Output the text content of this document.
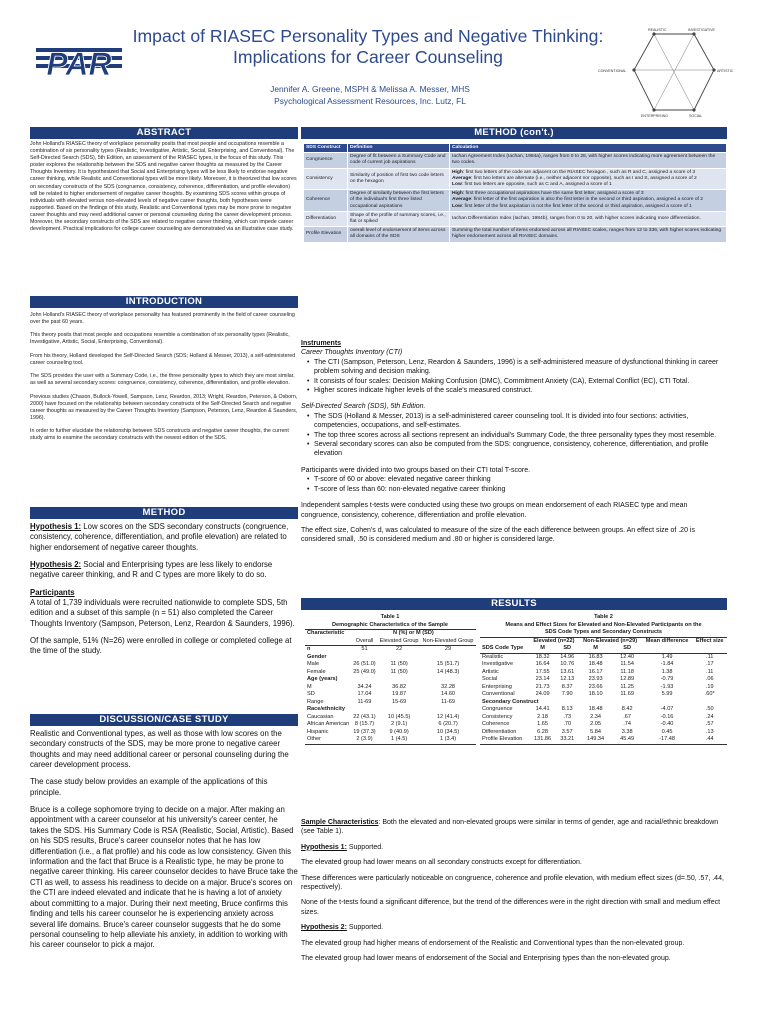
PAR
Impact of RIASEC Personality Types and Negative Thinking:
Implications for Career Counseling
Jennifer A. Greene, MSPH & Melissa A. Messer, MHS
Psychological Assessment Resources, Inc. Lutz, FL
REALISTIC	INVESTIGATIVE
ARTISTIC
SOCIAL
ENTERPRISING
CONVENTIONAL
ABSTRACT

John Holland's RIASEC theory of workplace personality posits that most people and occupations resemble a combination of six personality types (Realistic, Investigative, Artistic, Social, Enterprising, and Conventional). The Self-Directed Search (SDS), 5th Edition, an assessment of the RIASEC types, is the focus of this study. This poster explores the relationship between the SDS and negative career thoughts as measured by the Career Thoughts Inventory. It is hypothesized that Social and Enterprising types will be less likely to endorse negative career thinking, while Realistic and Conventional types will be more likely. Moreover, it is theorized that low scores on secondary constructs of the SDS (congruence, consistency, coherence, differentiation, and profile elevation) will be related to higher endorsement of negative career thoughts. By examining SDS scores within groups of individuals with elevated versus non-elevated levels of negative career thoughts, both hypotheses were supported. Based on the findings of this study, Realistic and Conventional types may be more prone to negative career thoughts and may need additional career or personal counseling during the career development process. Moreover, the secondary constructs of the SDS are related to negative career thinking, which can impede career development. Practical implications for college career counseling are demonstrated via an illustrative case study.

INTRODUCTION

John Holland's RIASEC theory of workplace personality has featured prominently in the field of career counseling over the past 60 years.

This theory posits that most people and occupations resemble a combination of six personality types (Realistic, Investigative, Artistic, Social, Enterprising, Conventional).

From his theory, Holland developed the Self-Directed Search (SDS; Holland & Messer, 2013), a self-administered career counseling tool.

The SDS provides the user with a Summary Code, i.e., the three personality types to which they are most similar, as well as several secondary scores: congruence, consistency, coherence, differentiation, and profile elevation.

Previous studies (Chason, Bullock-Yowell, Sampson, Lenz, Reardon, 2013; Wright, Reardon, Peterson, & Osborn, 2000) have focused on the relationship between secondary constructs of the Self-Directed Search and negative career thoughts as measured by the Career Thoughts Inventory (Sampson, Peterson, Lenz, Reardon & Saunders, 1996).

In order to further elucidate the relationship between SDS constructs and negative career thoughts, the current study aims to examine the secondary constructs with the newest edition of the SDS.

METHOD

Hypothesis 1: Low scores on the SDS secondary constructs (congruence, consistency, coherence, differentiation, and profile elevation) are related to higher endorsement of negative career thoughts.

Hypothesis 2: Social and Enterprising types are less likely to endorse negative career thinking, and R and C types are more likely to do so.

Participants

A total of 1,739 individuals were recruited nationwide to complete SDS, 5th edition and a subset of this sample (n = 51) also completed the Career Thoughts Inventory (Sampson, Peterson, Lenz, Reardon & Saunders, 1996).

Of the sample, 51% (N=26) were enrolled in college or completed college at the time of the study.

DISCUSSION/CASE STUDY

Realistic and Conventional types, as well as those with low scores on the secondary constructs of the SDS, may be more prone to negative career thoughts and may need additional career or personal counseling during the career development process.

The case study below provides an example of the applications of this principle.

Bruce is a college sophomore trying to decide on a major. After making an appointment with a career counselor at his university's career center, he takes the SDS. His Summary Code is RSA (Realistic, Social, Artistic). Based on his SDS results, Bruce's career counselor notes that he has low differentiation (i.e., a flat profile) and his code as low consistency. Given this information and the fact that Bruce is a Realistic type, he may be prone to negative career thinking. His career counselor decides to have Bruce take the CTI as well, to assess his readiness to decide on a major. Bruce's scores on the CTI are indeed elevated and indicate that he is having a lot of anxiety about committing to a major. During their next meeting, Bruce confirms this finding and tells his career counselor he is experiencing anxiety across several life domains. Bruce's career counselor suggests that he do some personal counseling to help alleviate his anxiety, in addition to working with his career counselor to pick a major.

METHOD (con't.)
SDS Construct	Definition	Calculation
Congruence	Degree of fit between a Summary Code and code of current job aspirations	Iachan Agreement Index (Iachan, 1984a), ranges from 0 to 28, with higher scores indicating more agreement between the two codes.
Consistency	Similarity of position of first two code letters on the hexagon	High: first two letters of the code are adjacent on the RIASEC hexagon , such as R and C, assigned a score of 3
Average: first two letters are alternate (i.e., neither adjacent nor opposite), such as I and S, assigned a score of 2
Low: first two letters are opposite, such as C and A, assigned a score of 1
Coherence	Degree of similarity between the first letters of the individual's first three listed occupational aspirations	High: first three occupational aspirations have the same first letter, assigned a score of 3
Average: first letter of the first aspiration is also the first letter in the second or third aspiration, assigned a score of 2
Low: first letter of the first aspiration is not the first letter of the second or third aspiration, assigned a score of 1
Differentiation	Shape of the profile of summary scores, i.e., flat or spiked	Iachan Differentiation Index (Iachan, 1984b), ranges from 0 to 20, with higher scores indicating more differentiation.
Profile Elevation	overall level of endorsement of items across all domains of the SDS	Summing the total number of items endorsed across all RIASEC scales, ranges from 12 to 336, with higher scores indicating higher endorsement across all RIASEC domains.
Instruments
Career Thoughts Inventory (CTI)
• The CTI (Sampson, Peterson, Lenz, Reardon & Saunders, 1996) is a self-administered measure of dysfunctional thinking in career problem solving and decision making.
• It consists of four scales: Decision Making Confusion (DMC), Commitment Anxiety (CA), External Conflict (EC), CTI Total.
• Higher scores indicate higher levels of the scale's measured construct.
Self-Directed Search (SDS), 5th Edition.
• The SDS (Holland & Messer, 2013) is a self-administered career counseling tool. It is divided into four sections: activities, competencies, occupations, and self-estimates.
• The top three scores across all sections represent an individual's Summary Code, the three personality types they most resemble.
• Several secondary scores can also be computed from the SDS: congruence, consistency, coherence, differentiation, and profile elevation
Participants were divided into two groups based on their CTI total T-score.
• T-score of 60 or above: elevated negative career thinking
• T-score of less than 60: non-elevated negative career thinking

Independent samples t-tests were conducted using these two groups on mean endorsement of each RIASEC type and mean congruence, consistency, coherence, differentiation and profile elevation.

The effect size, Cohen's d, was calculated to measure of the size of the each difference between groups. An effect size of .20 is considered small, .50 is considered medium and .80 or higher is considered large.

RESULTS
Table 1
Demographic Characteristics of the Sample
Characteristic	N (%) or M (SD)		
	Overall	Elevated Group	Non-Elevated Group
n	51	22	29
Gender			
Male	26 (51.0)	11 (50)	15 (51.7)
Female	25 (49.0)	11 (50)	14 (48.3)
Age (years)			
M	34.24	36.82	32.28
SD	17.04	19.87	14.60
Range	11-69	15-69	11-69
Race/ethnicity			
Caucasian	22 (43.1)	10 (45.5)	12 (41.4)
African American	8 (15.7)	2 (9.1)	6 (20.7)
Hispanic	19 (37.3)	9 (40.9)	10 (34.5)
Other	2 (3.9)	1 (4.5)	1 (3.4)
Table 2
Means and Effect Sizes for Elevated and Non-Elevated Participants on the
SDS Code Types and Secondary Constructs
	Elevated (n=22)		Non-Elevated (n=29)		Mean difference	Effect size
SDS Code Type	M	SD	M	SD		
Realistic	18.32	14.96	16.83	12.40	1.49	.11
Investigative	16.64	10.76	18.48	11.54	-1.84	.17
Artistic	17.55	13.61	16.17	11.18	1.38	.11
Social	23.14	12.13	23.93	12.89	-0.79	.06
Enterprising	21.73	8.37	23.66	11.25	-1.93	.19
Conventional	24.09	7.90	18.10	11.69	5.99	.60*
Secondary Construct						
Congruence	14.41	8.13	18.48	8.42	-4.07	.50
Consistency	2.18	.73	2.34	.67	-0.16	.24
Coherence	1.65	.70	2.05	.74	-0.40	.57
Differentiation	6.28	3.57	5.84	3.38	0.45	.13
Profile Elevation	131.86	33.21	149.34	45.49	-17.48	.44

Sample Characteristics: Both the elevated and non-elevated groups were similar in terms of gender, age and racial/ethnic breakdown (see Table 1).

Hypothesis 1: Supported.

The elevated group had lower means on all secondary constructs except for differentiation.

These differences were particularly noticeable on congruence, coherence and profile elevation, with medium effect sizes (d=.50, .57, .44, respectively).

None of the t-tests found a significant difference, but the trend of the differences were in the right direction with small and medium effect sizes.

Hypothesis 2: Supported.

The elevated group had higher means of endorsement of the Realistic and Conventional types than the non-elevated group.

The elevated group had lower means of endorsement of the Social and Enterprising types than the non-elevated group.
